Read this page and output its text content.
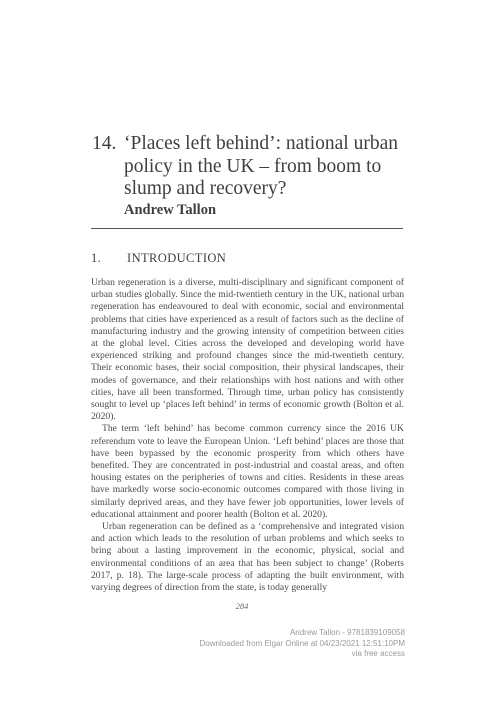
14. ‘Places left behind’: national urban policy in the UK – from boom to slump and recovery?
Andrew Tallon
1. INTRODUCTION

Urban regeneration is a diverse, multi-disciplinary and significant component of urban studies globally. Since the mid-twentieth century in the UK, national urban regeneration has endeavoured to deal with economic, social and environmental problems that cities have experienced as a result of factors such as the decline of manufacturing industry and the growing intensity of competition between cities at the global level. Cities across the developed and developing world have experienced striking and profound changes since the mid-twentieth century. Their economic bases, their social composition, their physical landscapes, their modes of governance, and their relationships with host nations and with other cities, have all been transformed. Through time, urban policy has consistently sought to level up ‘places left behind’ in terms of economic growth (Bolton et al. 2020).

The term ‘left behind’ has become common currency since the 2016 UK referendum vote to leave the European Union. ‘Left behind’ places are those that have been bypassed by the economic prosperity from which others have benefited. They are concentrated in post-industrial and coastal areas, and often housing estates on the peripheries of towns and cities. Residents in these areas have markedly worse socio-economic outcomes compared with those living in similarly deprived areas, and they have fewer job opportunities, lower levels of educational attainment and poorer health (Bolton et al. 2020).

Urban regeneration can be defined as a ‘comprehensive and integrated vision and action which leads to the resolution of urban problems and which seeks to bring about a lasting improvement in the economic, physical, social and environmental conditions of an area that has been subject to change’ (Roberts 2017, p. 18). The large-scale process of adapting the built environment, with varying degrees of direction from the state, is today generally

284
Andrew Tallon - 9781839109058
Downloaded from Elgar Online at 04/23/2021 12:51:10PM
via free access
